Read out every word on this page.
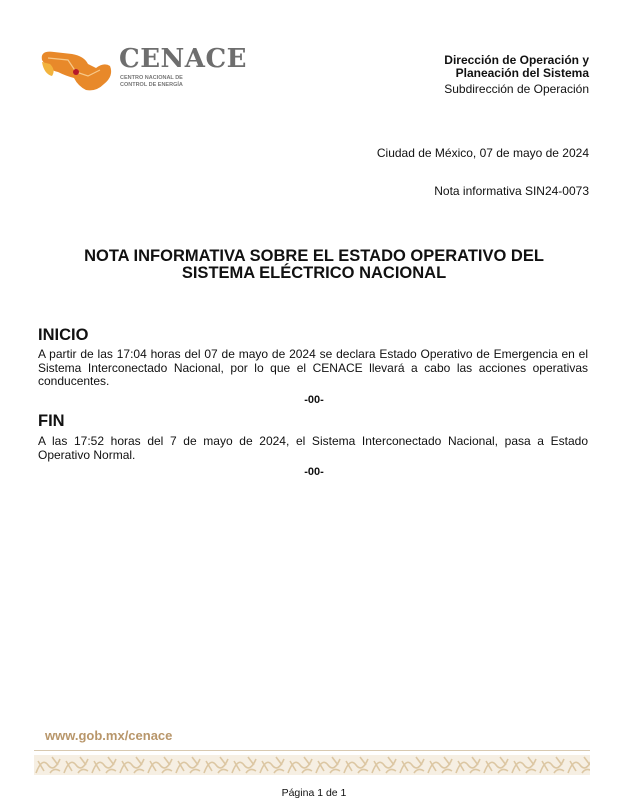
CENACE
CENTRO NACIONAL DE
CONTROL DE ENERGÍA
Dirección de Operación y
Planeación del Sistema
Subdirección de Operación
Ciudad de México, 07 de mayo de 2024
Nota informativa SIN24-0073
NOTA INFORMATIVA SOBRE EL ESTADO OPERATIVO DEL
SISTEMA ELÉCTRICO NACIONAL
INICIO
A partir de las 17:04 horas del 07 de mayo de 2024 se declara Estado Operativo de Emergencia en el Sistema Interconectado Nacional, por lo que el CENACE llevará a cabo las acciones operativas conducentes.
-00-
FIN
A las 17:52 horas del 7 de mayo de 2024, el Sistema Interconectado Nacional, pasa a Estado Operativo Normal.
-00-
www.gob.mx/cenace
Página 1 de 1
